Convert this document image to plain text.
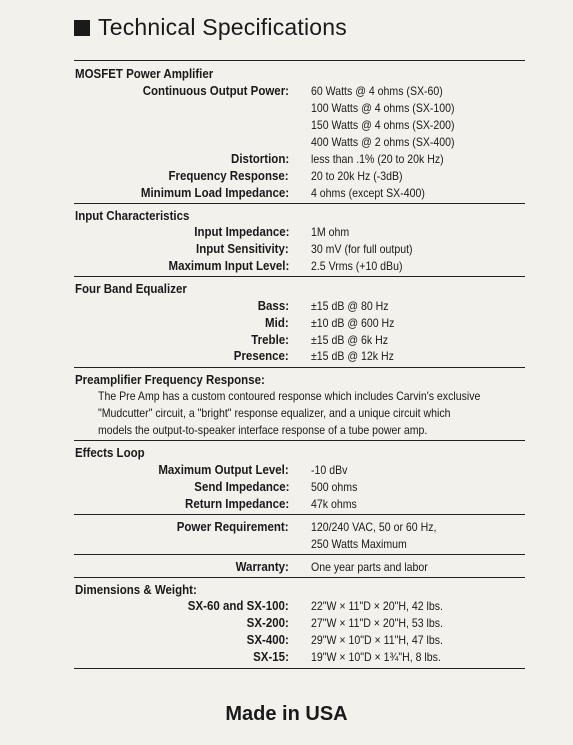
Technical Specifications
MOSFET Power Amplifier
Continuous Output Power: 60 Watts @ 4 ohms (SX-60)
100 Watts @ 4 ohms (SX-100)
150 Watts @ 4 ohms (SX-200)
400 Watts @ 2 ohms (SX-400)
Distortion: less than .1% (20 to 20k Hz)
Frequency Response: 20 to 20k Hz (-3dB)
Minimum Load Impedance: 4 ohms (except SX-400)
Input Characteristics
Input Impedance: 1M ohm
Input Sensitivity: 30 mV (for full output)
Maximum Input Level: 2.5 Vrms (+10 dBu)
Four Band Equalizer
Bass: ±15 dB @ 80 Hz
Mid: ±10 dB @ 600 Hz
Treble: ±15 dB @ 6k Hz
Presence: ±15 dB @ 12k Hz
Preamplifier Frequency Response:
The Pre Amp has a custom contoured response which includes Carvin's exclusive
"Mudcutter" circuit, a "bright" response equalizer, and a unique circuit which
models the output-to-speaker interface response of a tube power amp.
Effects Loop
Maximum Output Level: -10 dBv
Send Impedance: 500 ohms
Return Impedance: 47k ohms
Power Requirement: 120/240 VAC, 50 or 60 Hz,
250 Watts Maximum
Warranty: One year parts and labor
Dimensions & Weight:
SX-60 and SX-100: 22"W × 11"D × 20"H, 42 lbs.
SX-200: 27"W × 11"D × 20"H, 53 lbs.
SX-400: 29"W × 10"D × 11"H, 47 lbs.
SX-15: 19"W × 10"D × 1¾"H, 8 lbs.
Made in USA
